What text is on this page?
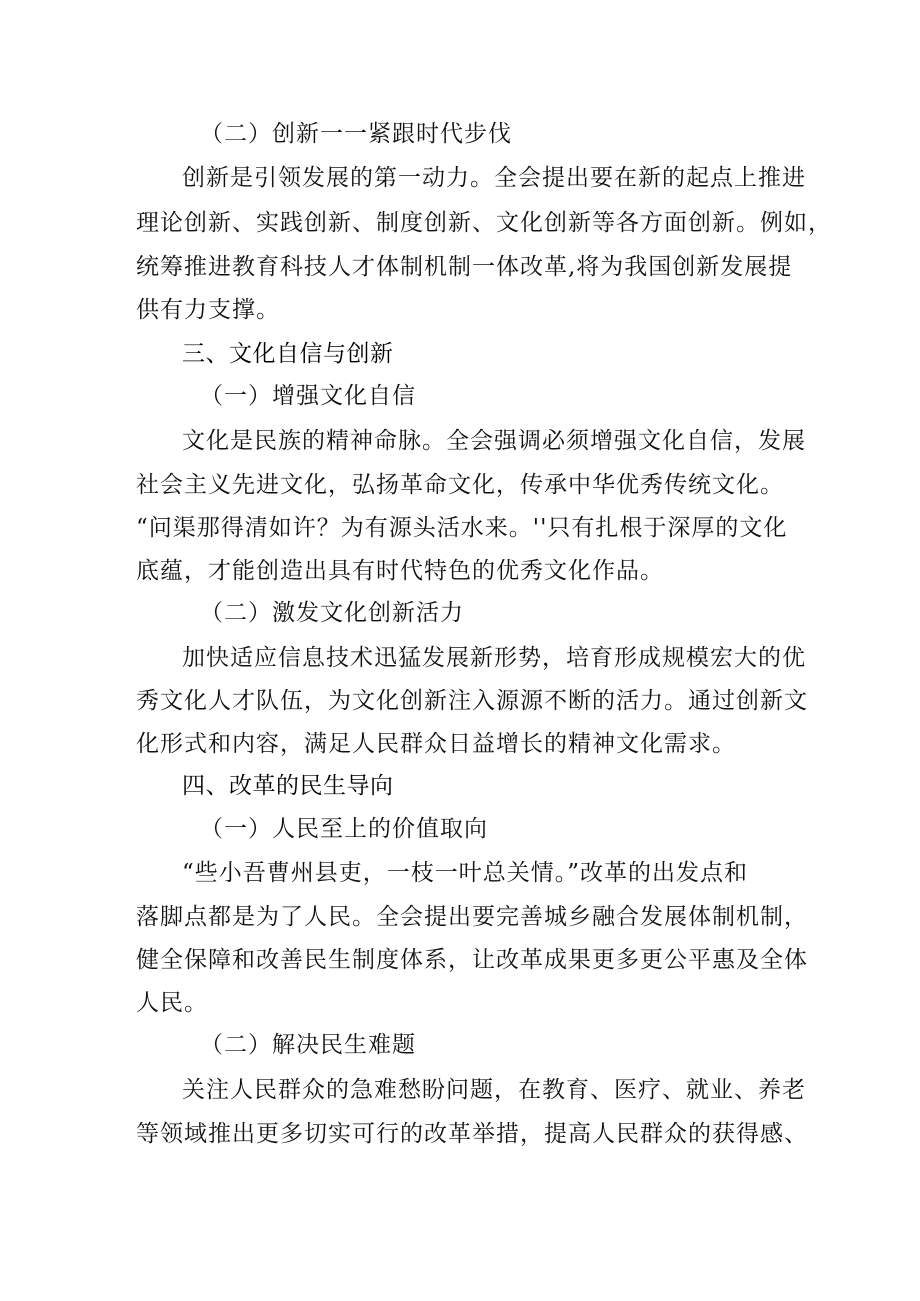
（二）创新一一紧跟时代步伐
创新是引领发展的第一动力。全会提出要在新的起点上推进
理论创新、实践创新、制度创新、文化创新等各方面创新。例如，
统筹推进教育科技人才体制机制一体改革,将为我国创新发展提
供有力支撑。
三、文化自信与创新
（一）增强文化自信
文化是民族的精神命脉。全会强调必须增强文化自信，发展
社会主义先进文化，弘扬革命文化，传承中华优秀传统文化。
“问渠那得清如许？为有源头活水来。''只有扎根于深厚的文化
底蕴，才能创造出具有时代特色的优秀文化作品。
（二）激发文化创新活力
加快适应信息技术迅猛发展新形势，培育形成规模宏大的优
秀文化人才队伍，为文化创新注入源源不断的活力。通过创新文
化形式和内容，满足人民群众日益增长的精神文化需求。
四、改革的民生导向
（一）人民至上的价值取向
“些小吾曹州县吏，一枝一叶总关情。”改革的出发点和
落脚点都是为了人民。全会提出要完善城乡融合发展体制机制，
健全保障和改善民生制度体系，让改革成果更多更公平惠及全体
人民。
（二）解决民生难题
关注人民群众的急难愁盼问题，在教育、医疗、就业、养老
等领域推出更多切实可行的改革举措，提高人民群众的获得感、
